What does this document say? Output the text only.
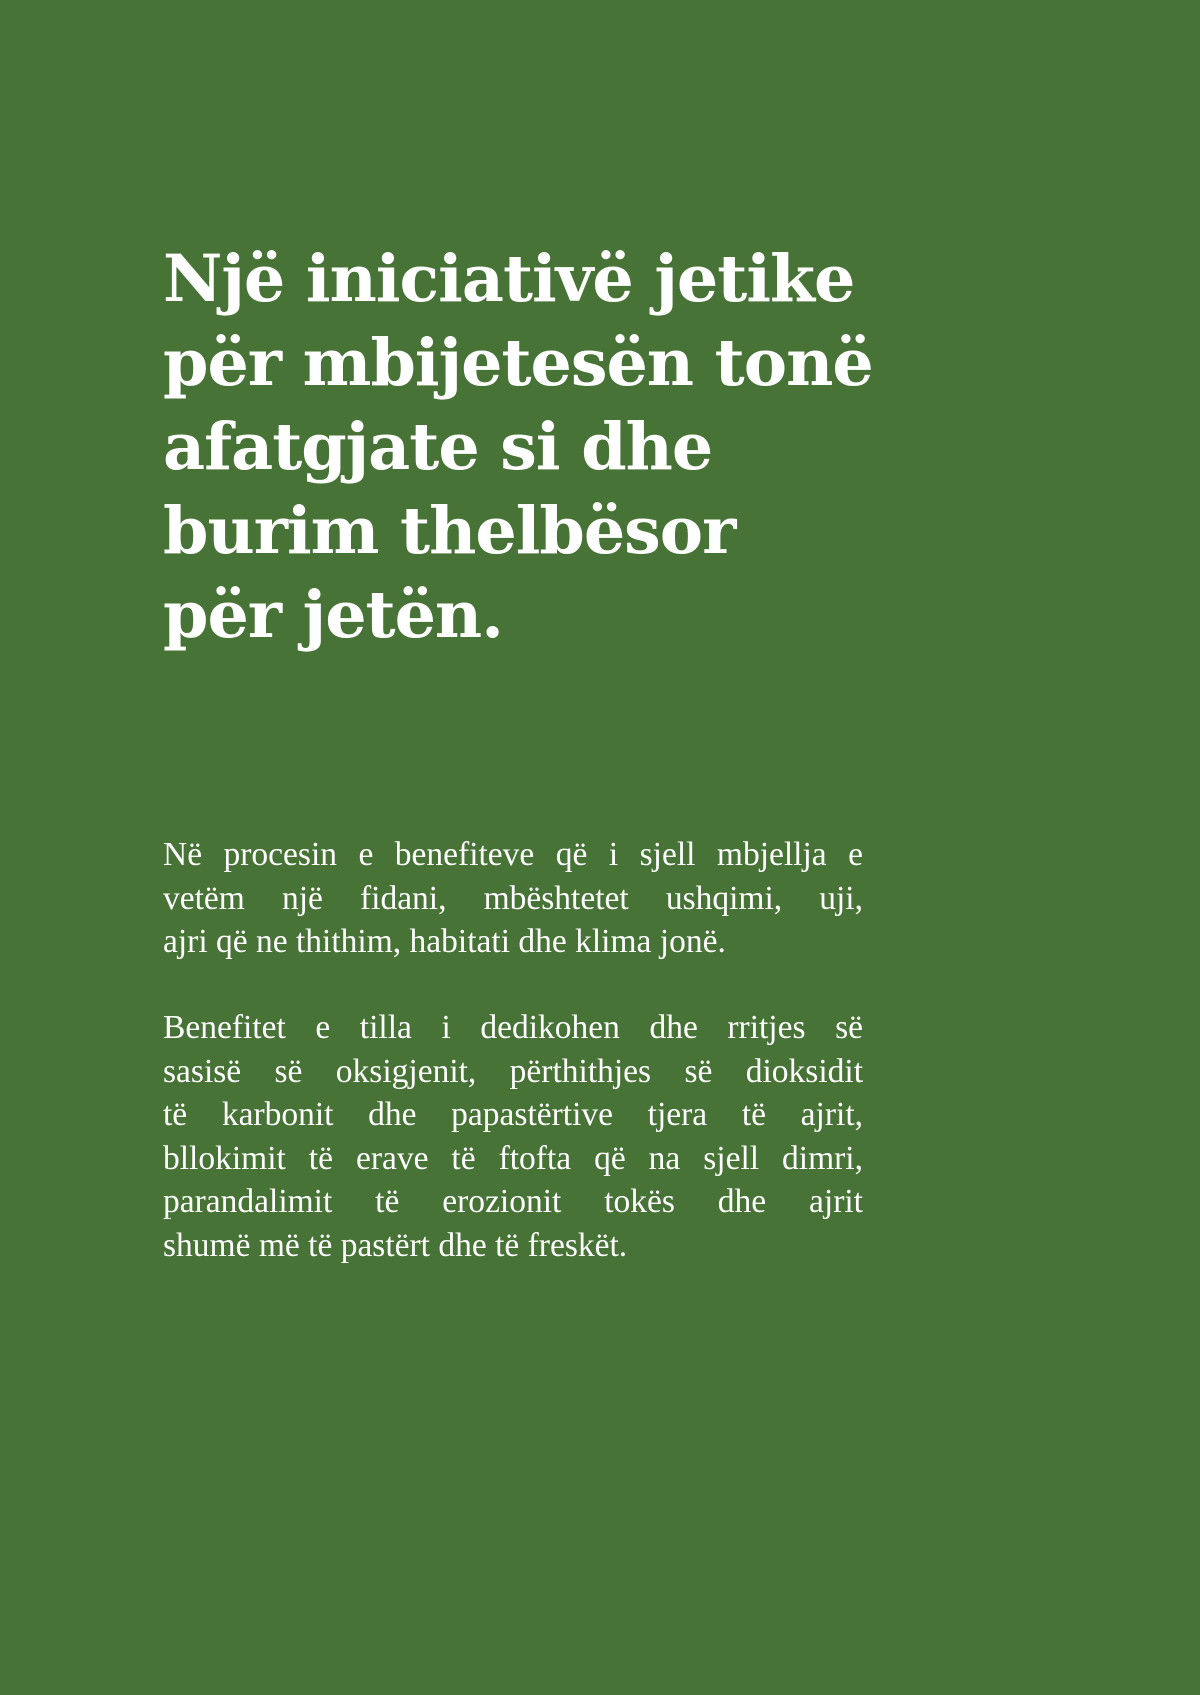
Një iniciativë jetike
për mbijetesën tonë
afatgjate si dhe
burim thelbësor
për jetën.
Në procesin e benefiteve që i sjell mbjellja e
vetëm një fidani, mbështetet ushqimi, uji,
ajri që ne thithim, habitati dhe klima jonë.
Benefitet e tilla i dedikohen dhe rritjes së
sasisë së oksigjenit, përthithjes së dioksidit
të karbonit dhe papastërtive tjera të ajrit,
bllokimit të erave të ftofta që na sjell dimri,
parandalimit të erozionit tokës dhe ajrit
shumë më të pastërt dhe të freskët.
